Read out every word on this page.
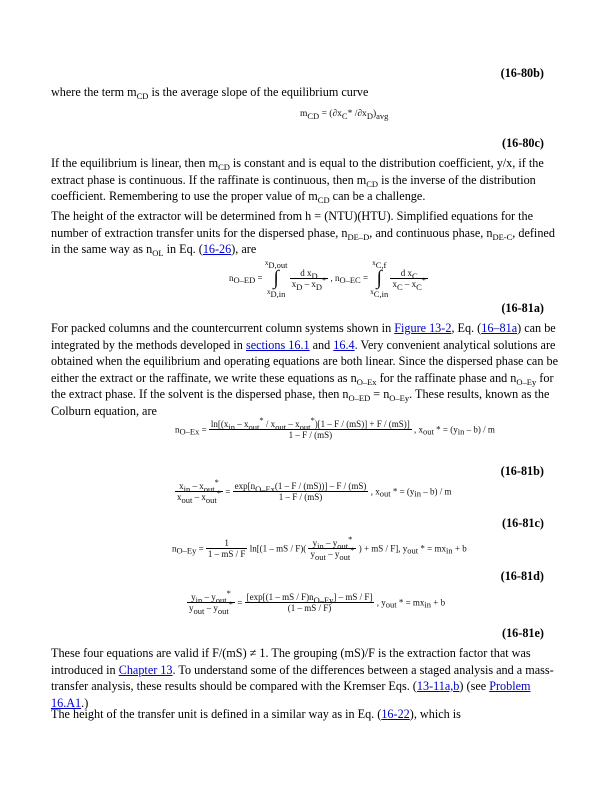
(16-80b)
where the term $m_{CD}$ is the average slope of the equilibrium curve
$m_{CD} = (\partial x_C*$ $/\partial x_D)_{avg}$
(16-80c)
If the equilibrium is linear, then $m_{CD}$ is constant and is equal to the distribution coefficient, y/x, if the extract phase is continuous. If the raffinate is continuous, then $m_{CD}$ is the inverse of the distribution coefficient. Remembering to use the proper value of $m_{CD}$ can be a challenge.
The height of the extractor will be determined from h = (NTU)(HTU). Simplified equations for the number of extraction transfer units for the dispersed phase, $n_{DE-D}$, and continuous phase, $n_{DE-C}$, defined in the same way as $n_{OL}$ in Eq. (16-26), are
$n_{O-ED}$ =
$x_{D,out}$
∫
$x_{D,in}$

$\frac{d x_D}{x_D - x_D^*}$ , $n_{O-EC}$ =
$x_{C,f}$
∫
$x_{C,in}$

$\frac{d x_C}{x_C - x_C^*}$
(16-81a)
For packed columns and the countercurrent column systems shown in Figure 13-2, Eq. (16–81a) can be integrated by the methods developed in sections 16.1 and 16.4. Very convenient analytical solutions are obtained when the equilibrium and operating equations are both linear. Since the dispersed phase can be either the extract or the raffinate, we write these equations as $n_{O-Ex}$ for the raffinate phase and $n_{O-Ey}$ for the extract phase. If the solvent is the dispersed phase, then $n_{O-ED} = n_{O-Ey}$. These results, known as the Colburn equation, are
$n_{O-Ex} = \frac{\ln[(x_{in} - x_{out}^* / x_{out} - x_{out}^*)[1 - F / (mS)] + F / (mS)]}{1 - F / (mS)}$ , $x_{out}$ * = $(y_{in} - b)$ / m
(16-81b)
$\frac{x_{in} - x_{out}^*}{x_{out} - x_{out}^*} = \frac{\exp[n_{O-Ex}(1 - F / (mS))] - F / (mS)}{1 - F / (mS)}$ , $x_{out}$ * = $(y_{in} - b)$ / m
(16-81c)
$n_{O-Ey} = \frac{1}{1 - mS / F} \ln[(1$ – mS / $F)( \frac{y_{in} - y_{out}^*}{y_{out} - y_{out}^*}$ ) + mS / F], $y_{out}$ * = $mx_{in} + b$
(16-81d)
$\frac{y_{in} - y_{out}^*}{y_{out} - y_{out}^*} = \frac{[\exp[(1 - mS / F)n_{O-Ey}] - mS / F]}{(1 - mS / F)}$ , $y_{out}$ * = $mx_{in} + b$
(16-81e)
These four equations are valid if F/(mS) ≠ 1. The grouping (mS)/F is the extraction factor that was introduced in Chapter 13. To understand some of the differences between a staged analysis and a mass-transfer analysis, these results should be compared with the Kremser Eqs. (13-11a,b) (see Problem 16.A1.)
The height of the transfer unit is defined in a similar way as in Eq. (16-22), which is
